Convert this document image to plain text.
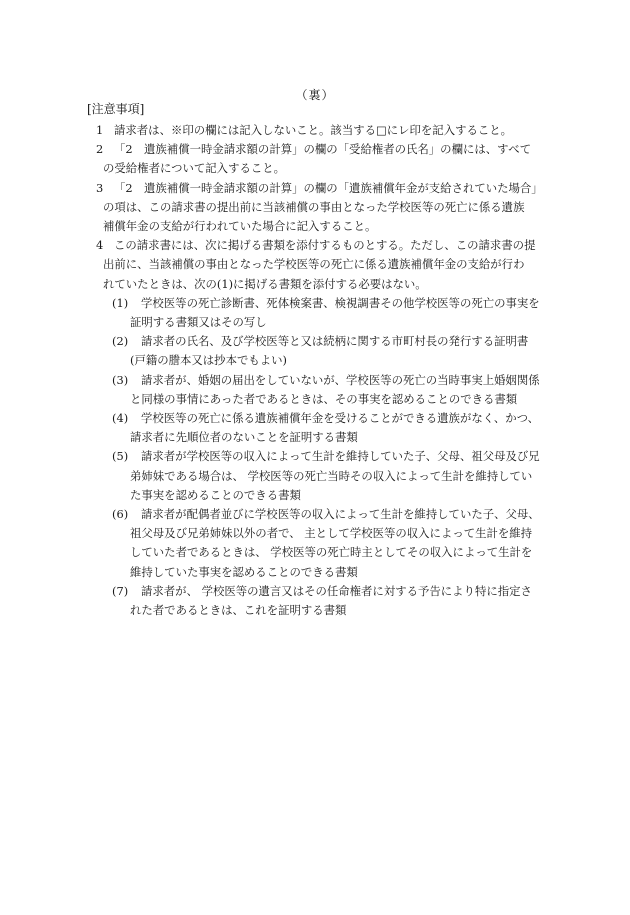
（裏）
[注意事項]
1 請求者は、※印の欄には記入しないこと。該当する□にレ印を記入すること。
2 「2　遺族補償一時金請求額の計算」の欄の「受給権者の氏名」の欄には、すべて
の受給権者について記入すること。
3 「2　遺族補償一時金請求額の計算」の欄の「遺族補償年金が支給されていた場合」
の項は、この請求書の提出前に当該補償の事由となった学校医等の死亡に係る遺族
補償年金の支給が行われていた場合に記入すること。
4 この請求書には、次に掲げる書類を添付するものとする。ただし、この請求書の提
出前に、当該補償の事由となった学校医等の死亡に係る遺族補償年金の支給が行わ
れていたときは、次の(1)に掲げる書類を添付する必要はない。
(1) 学校医等の死亡診断書、死体検案書、検視調書その他学校医等の死亡の事実を
証明する書類又はその写し
(2) 請求者の氏名、及び学校医等と又は続柄に関する市町村長の発行する証明書
(戸籍の謄本又は抄本でもよい)
(3) 請求者が、婚姻の届出をしていないが、学校医等の死亡の当時事実上婚姻関係
と同様の事情にあった者であるときは、その事実を認めることのできる書類
(4) 学校医等の死亡に係る遺族補償年金を受けることができる遺族がなく、かつ、
請求者に先順位者のないことを証明する書類
(5) 請求者が学校医等の収入によって生計を維持していた子、父母、祖父母及び兄
弟姉妹である場合は、 学校医等の死亡当時その収入によって生計を維持してい
た事実を認めることのできる書類
(6) 請求者が配偶者並びに学校医等の収入によって生計を維持していた子、父母、
祖父母及び兄弟姉妹以外の者で、 主として学校医等の収入によって生計を維持
していた者であるときは、 学校医等の死亡時主としてその収入によって生計を
維持していた事実を認めることのできる書類
(7) 請求者が、 学校医等の遺言又はその任命権者に対する予告により特に指定さ
れた者であるときは、これを証明する書類
